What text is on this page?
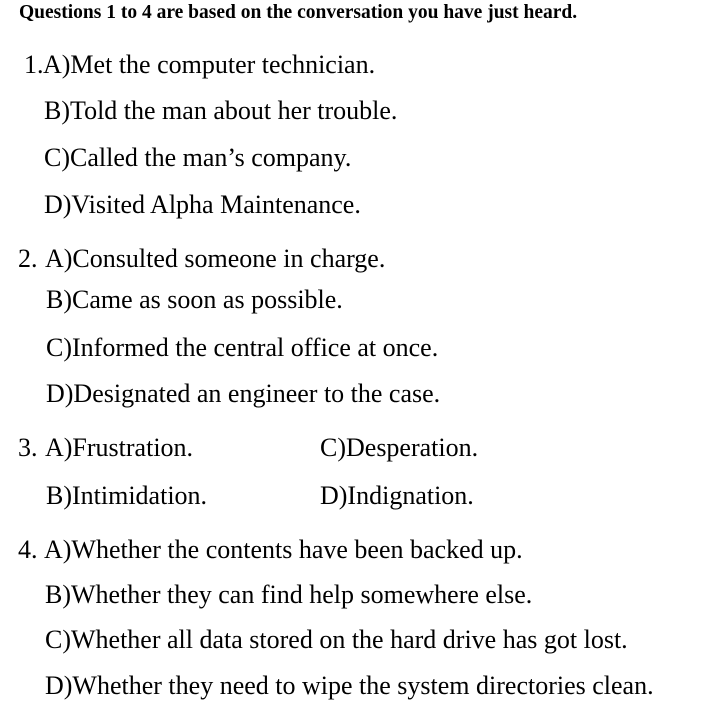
Questions 1 to 4 are based on the conversation you have just heard.
1. A)Met the computer technician.
B)Told the man about her trouble.
C)Called the man’s company.
D)Visited Alpha Maintenance.
2. A)Consulted someone in charge.
B)Came as soon as possible.
C)Informed the central office at once.
D)Designated an engineer to the case.
3. A)Frustration.
B)Intimidation.
C)Desperation.
D)Indignation.
4. A)Whether the contents have been backed up.
B)Whether they can find help somewhere else.
C)Whether all data stored on the hard drive has got lost.
D)Whether they need to wipe the system directories clean.
